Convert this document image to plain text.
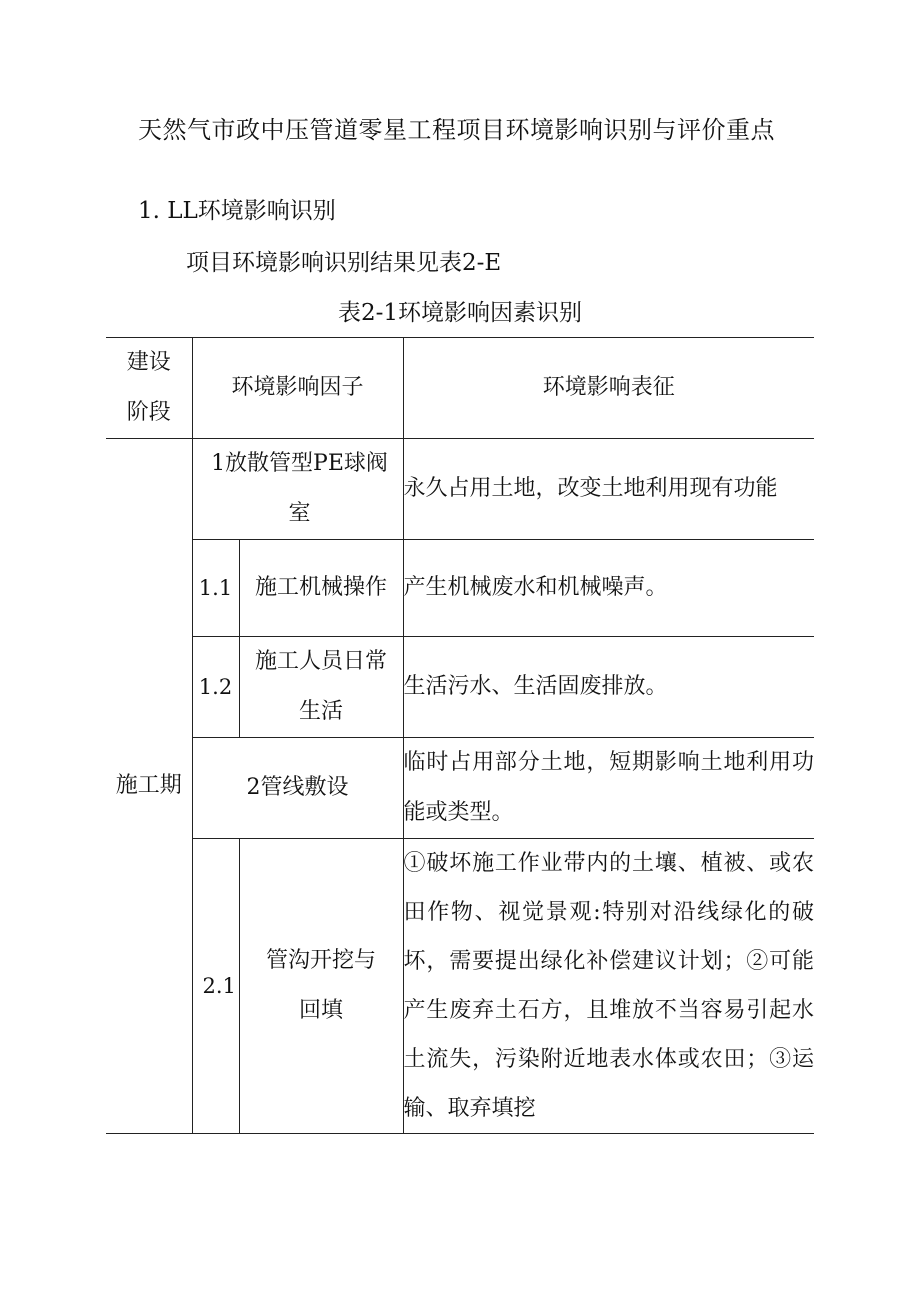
天然气市政中压管道零星工程项目环境影响识别与评价重点

1. LL环境影响识别

项目环境影响识别结果见表2-E

表2-1环境影响因素识别

建设阶段	环境影响因子		环境影响表征
施工期	1放散管型PE球阀室		永久占用土地，改变土地利用现有功能
	1.1	施工机械操作	产生机械废水和机械噪声。
	1.2	施工人员日常生活	生活污水、生活固废排放。
	2管线敷设		临时占用部分土地，短期影响土地利用功能或类型。
	2.1	管沟开挖与回填	①破坏施工作业带内的土壤、植被、或农田作物、视觉景观:特别对沿线绿化的破坏，需要提出绿化补偿建议计划；②可能产生废弃土石方，且堆放不当容易引起水土流失，污染附近地表水体或农田；③运输、取弃填挖
